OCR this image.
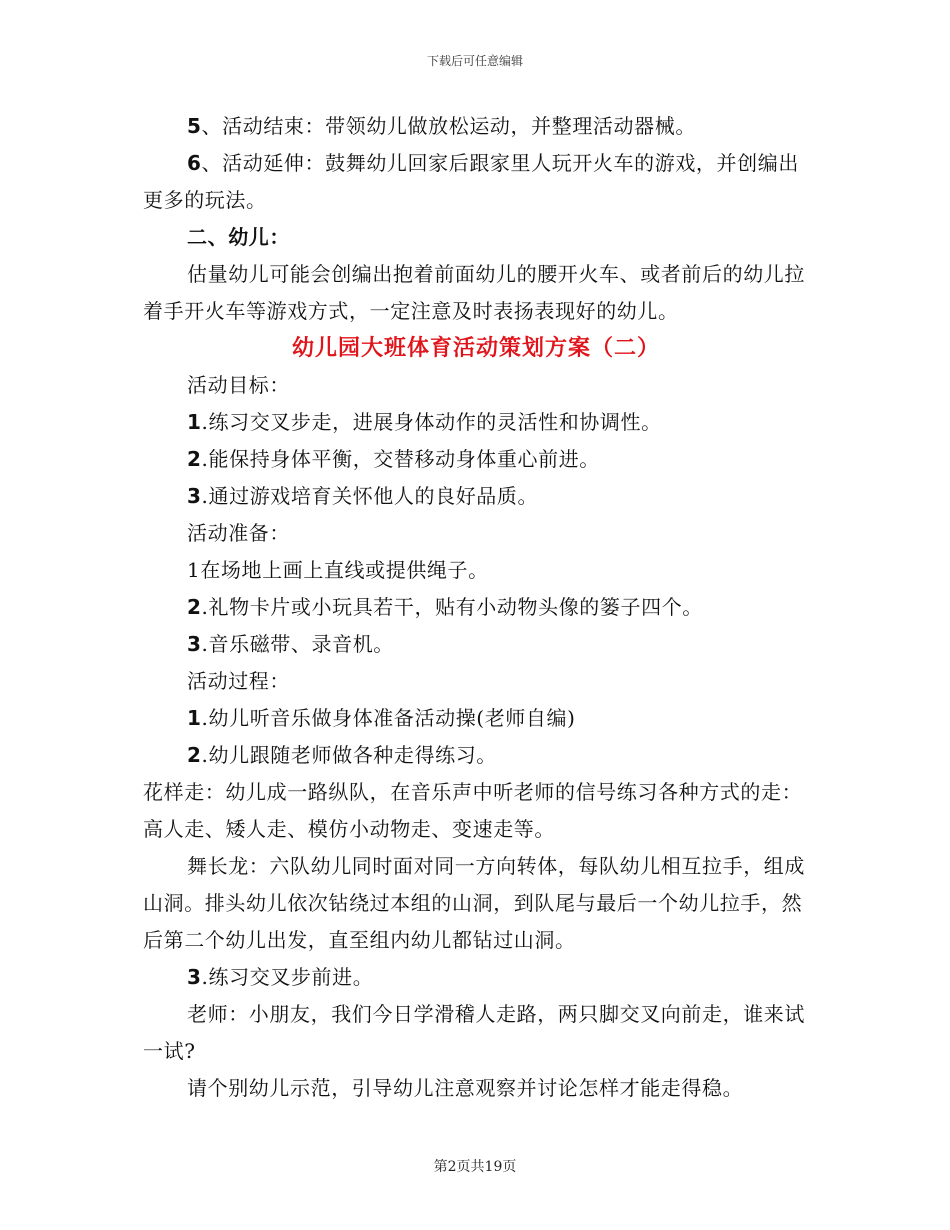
下载后可任意编辑

5、活动结束：带领幼儿做放松运动，并整理活动器械。

6、活动延伸：鼓舞幼儿回家后跟家里人玩开火车的游戏，并创编出更多的玩法。

二、幼儿：

估量幼儿可能会创编出抱着前面幼儿的腰开火车、或者前后的幼儿拉着手开火车等游戏方式，一定注意及时表扬表现好的幼儿。

幼儿园大班体育活动策划方案（二）

活动目标：

1.练习交叉步走，进展身体动作的灵活性和协调性。

2.能保持身体平衡，交替移动身体重心前进。

3.通过游戏培育关怀他人的良好品质。

活动准备：

1在场地上画上直线或提供绳子。

2.礼物卡片或小玩具若干，贴有小动物头像的篓子四个。

3.音乐磁带、录音机。

活动过程：

1.幼儿听音乐做身体准备活动操(老师自编)

2.幼儿跟随老师做各种走得练习。

花样走：幼儿成一路纵队，在音乐声中听老师的信号练习各种方式的走：高人走、矮人走、模仿小动物走、变速走等。

舞长龙：六队幼儿同时面对同一方向转体，每队幼儿相互拉手，组成山洞。排头幼儿依次钻绕过本组的山洞，到队尾与最后一个幼儿拉手，然后第二个幼儿出发，直至组内幼儿都钻过山洞。

3.练习交叉步前进。

老师：小朋友，我们今日学滑稽人走路，两只脚交叉向前走，谁来试一试?

请个别幼儿示范，引导幼儿注意观察并讨论怎样才能走得稳。

第2页共19页
